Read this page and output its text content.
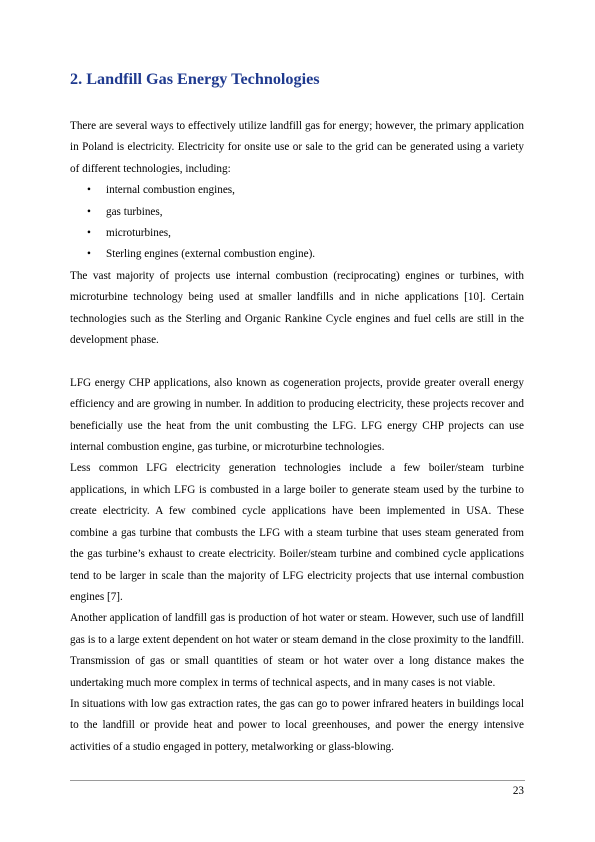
2. Landfill Gas Energy Technologies

There are several ways to effectively utilize landfill gas for energy; however, the primary application in Poland is electricity. Electricity for onsite use or sale to the grid can be generated using a variety of different technologies, including:

• internal combustion engines,
• gas turbines,
• microturbines,
• Sterling engines (external combustion engine).

The vast majority of projects use internal combustion (reciprocating) engines or turbines, with microturbine technology being used at smaller landfills and in niche applications [10]. Certain technologies such as the Sterling and Organic Rankine Cycle engines and fuel cells are still in the development phase.

LFG energy CHP applications, also known as cogeneration projects, provide greater overall energy efficiency and are growing in number. In addition to producing electricity, these projects recover and beneficially use the heat from the unit combusting the LFG. LFG energy CHP projects can use internal combustion engine, gas turbine, or microturbine technologies.

Less common LFG electricity generation technologies include a few boiler/steam turbine applications, in which LFG is combusted in a large boiler to generate steam used by the turbine to create electricity. A few combined cycle applications have been implemented in USA. These combine a gas turbine that combusts the LFG with a steam turbine that uses steam generated from the gas turbine’s exhaust to create electricity. Boiler/steam turbine and combined cycle applications tend to be larger in scale than the majority of LFG electricity projects that use internal combustion engines [7].

Another application of landfill gas is production of hot water or steam. However, such use of landfill gas is to a large extent dependent on hot water or steam demand in the close proximity to the landfill. Transmission of gas or small quantities of steam or hot water over a long distance makes the undertaking much more complex in terms of technical aspects, and in many cases is not viable.

In situations with low gas extraction rates, the gas can go to power infrared heaters in buildings local to the landfill or provide heat and power to local greenhouses, and power the energy intensive activities of a studio engaged in pottery, metalworking or glass-blowing.

23
